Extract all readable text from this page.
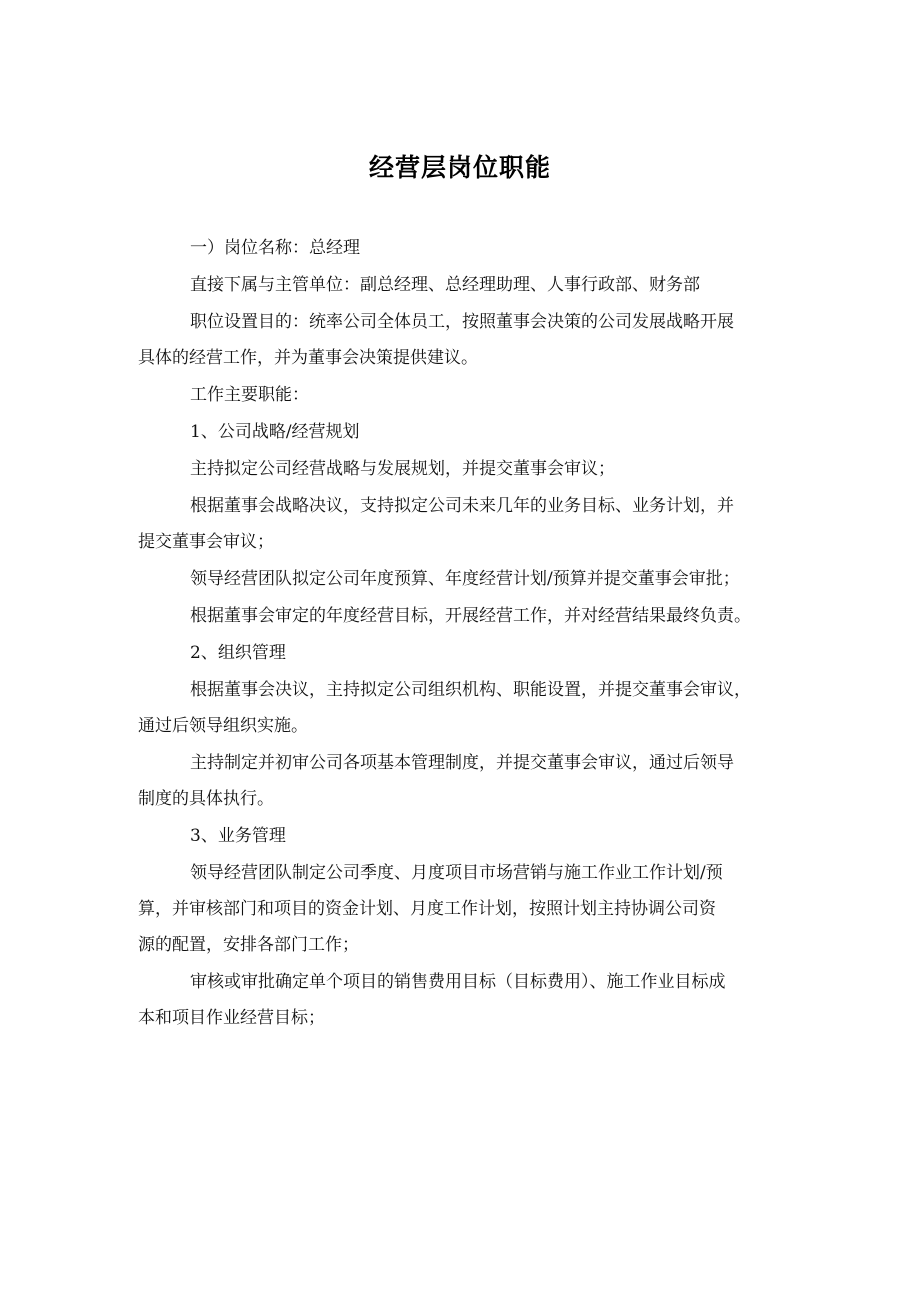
经营层岗位职能

一）岗位名称：总经理

直接下属与主管单位：副总经理、总经理助理、人事行政部、财务部

职位设置目的：统率公司全体员工，按照董事会决策的公司发展战略开展
具体的经营工作，并为董事会决策提供建议。

工作主要职能：

1、公司战略/经营规划

主持拟定公司经营战略与发展规划，并提交董事会审议；

根据董事会战略决议，支持拟定公司未来几年的业务目标、业务计划，并
提交董事会审议；

领导经营团队拟定公司年度预算、年度经营计划/预算并提交董事会审批；

根据董事会审定的年度经营目标，开展经营工作，并对经营结果最终负责。

2、组织管理

根据董事会决议，主持拟定公司组织机构、职能设置，并提交董事会审议，
通过后领导组织实施。

主持制定并初审公司各项基本管理制度，并提交董事会审议，通过后领导
制度的具体执行。

3、业务管理

领导经营团队制定公司季度、月度项目市场营销与施工作业工作计划/预
算，并审核部门和项目的资金计划、月度工作计划，按照计划主持协调公司资
源的配置，安排各部门工作；

审核或审批确定单个项目的销售费用目标（目标费用）、施工作业目标成
本和项目作业经营目标；
